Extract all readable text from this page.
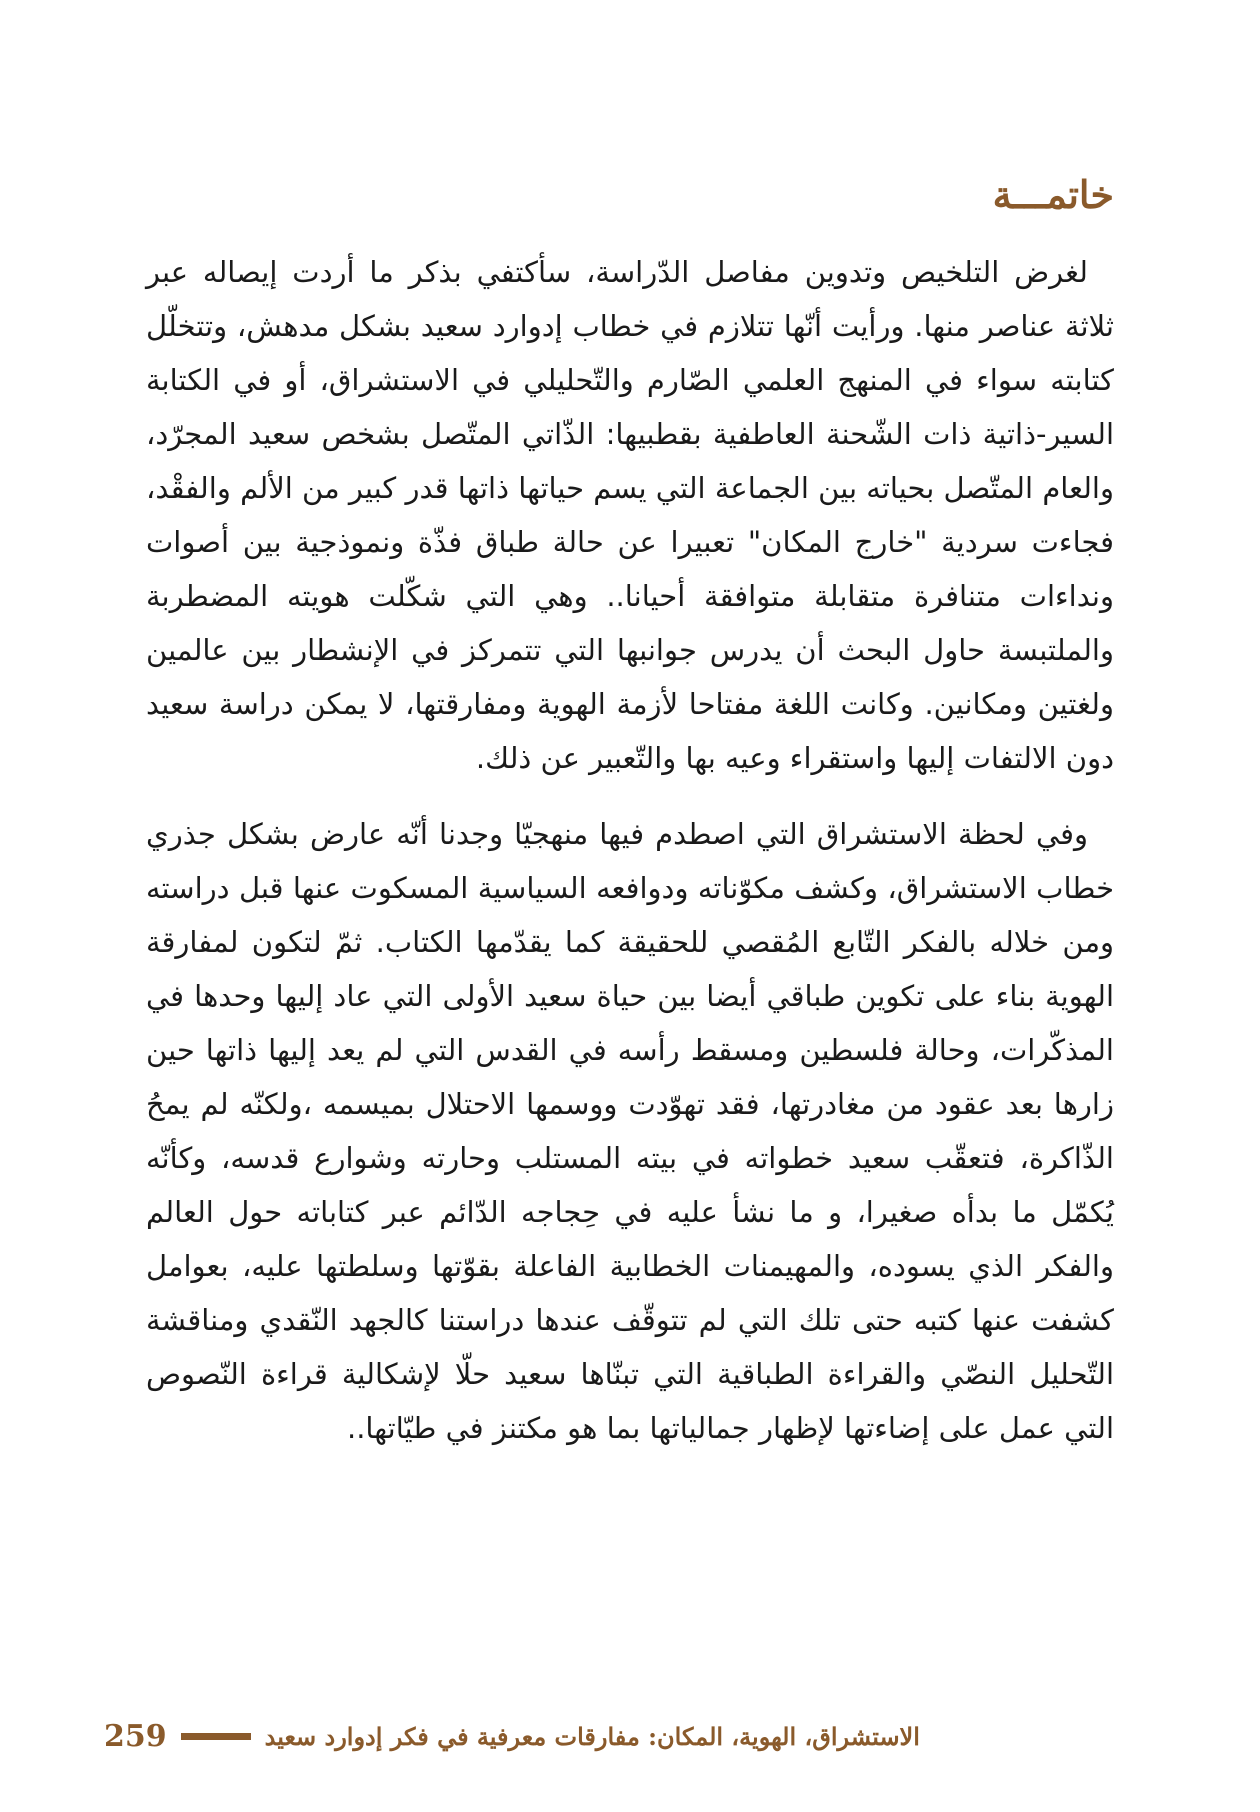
خاتمـــة

لغرض التلخيص وتدوين مفاصل الدّراسة، سأكتفي بذكر ما أردت إيصاله عبر ثلاثة عناصر منها. ورأيت أنّها تتلازم في خطاب إدوارد سعيد بشكل مدهش، وتتخلّل كتابته سواء في المنهج العلمي الصّارم والتّحليلي في الاستشراق، أو في الكتابة السير-ذاتية ذات الشّحنة العاطفية بقطبيها: الذّاتي المتّصل بشخص سعيد المجرّد، والعام المتّصل بحياته بين الجماعة التي يسم حياتها ذاتها قدر كبير من الألم والفقْد، فجاءت سردية "خارج المكان" تعبيرا عن حالة طباق فذّة ونموذجية بين أصوات ونداءات متنافرة متقابلة متوافقة أحيانا.. وهي التي شكّلت هويته المضطربة والملتبسة حاول البحث أن يدرس جوانبها التي تتمركز في الإنشطار بين عالمين ولغتين ومكانين. وكانت اللغة مفتاحا لأزمة الهوية ومفارقتها، لا يمكن دراسة سعيد دون الالتفات إليها واستقراء وعيه بها والتّعبير عن ذلك.

وفي لحظة الاستشراق التي اصطدم فيها منهجيّا وجدنا أنّه عارض بشكل جذري خطاب الاستشراق، وكشف مكوّناته ودوافعه السياسية المسكوت عنها قبل دراسته ومن خلاله بالفكر التّابع المُقصي للحقيقة كما يقدّمها الكتاب. ثمّ لتكون لمفارقة الهوية بناء على تكوين طباقي أيضا بين حياة سعيد الأولى التي عاد إليها وحدها في المذكّرات، وحالة فلسطين ومسقط رأسه في القدس التي لم يعد إليها ذاتها حين زارها بعد عقود من مغادرتها، فقد تهوّدت ووسمها الاحتلال بميسمه ،ولكنّه لم يمحُ الذّاكرة، فتعقّب سعيد خطواته في بيته المستلب وحارته وشوارع قدسه، وكأنّه يُكمّل ما بدأه صغيرا، و ما نشأ عليه في حِجاجه الدّائم عبر كتاباته حول العالم والفكر الذي يسوده، والمهيمنات الخطابية الفاعلة بقوّتها وسلطتها عليه، بعوامل كشفت عنها كتبه حتى تلك التي لم تتوقّف عندها دراستنا كالجهد النّقدي ومناقشة التّحليل النصّي والقراءة الطباقية التي تبنّاها سعيد حلّا لإشكالية قراءة النّصوص التي عمل على إضاءتها لإظهار جمالياتها بما هو مكتنز في طيّاتها..

259	الاستشراق، الهوية، المكان: مفارقات معرفية في فكر إدوارد سعيد
